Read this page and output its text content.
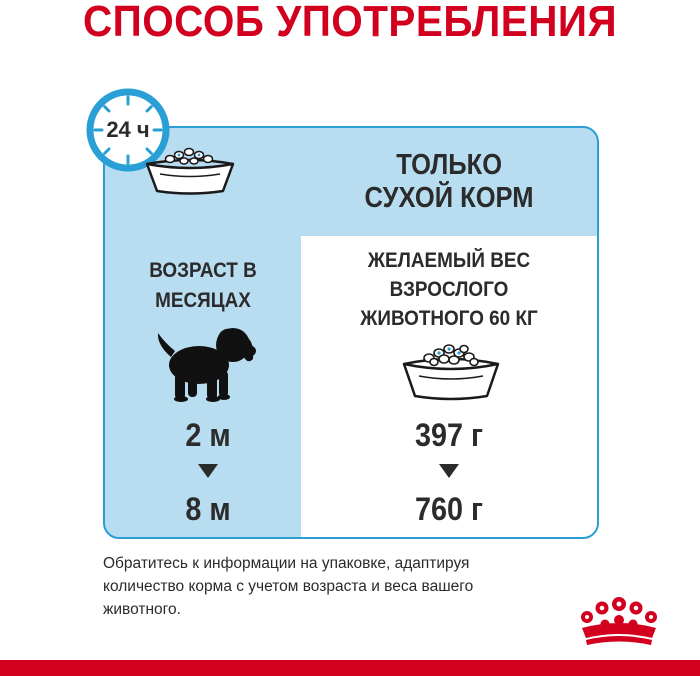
СПОСОБ УПОТРЕБЛЕНИЯ
ТОЛЬКО
СУХОЙ КОРМ
ВОЗРАСТ В
МЕСЯЦАХ
2 м
8 м
ЖЕЛАЕМЫЙ ВЕС
ВЗРОСЛОГО
ЖИВОТНОГО 60 КГ
397 г
760 г
24 ч
Обратитесь к информации на упаковке, адаптируя
количество корма с учетом возраста и веса вашего
животного.
